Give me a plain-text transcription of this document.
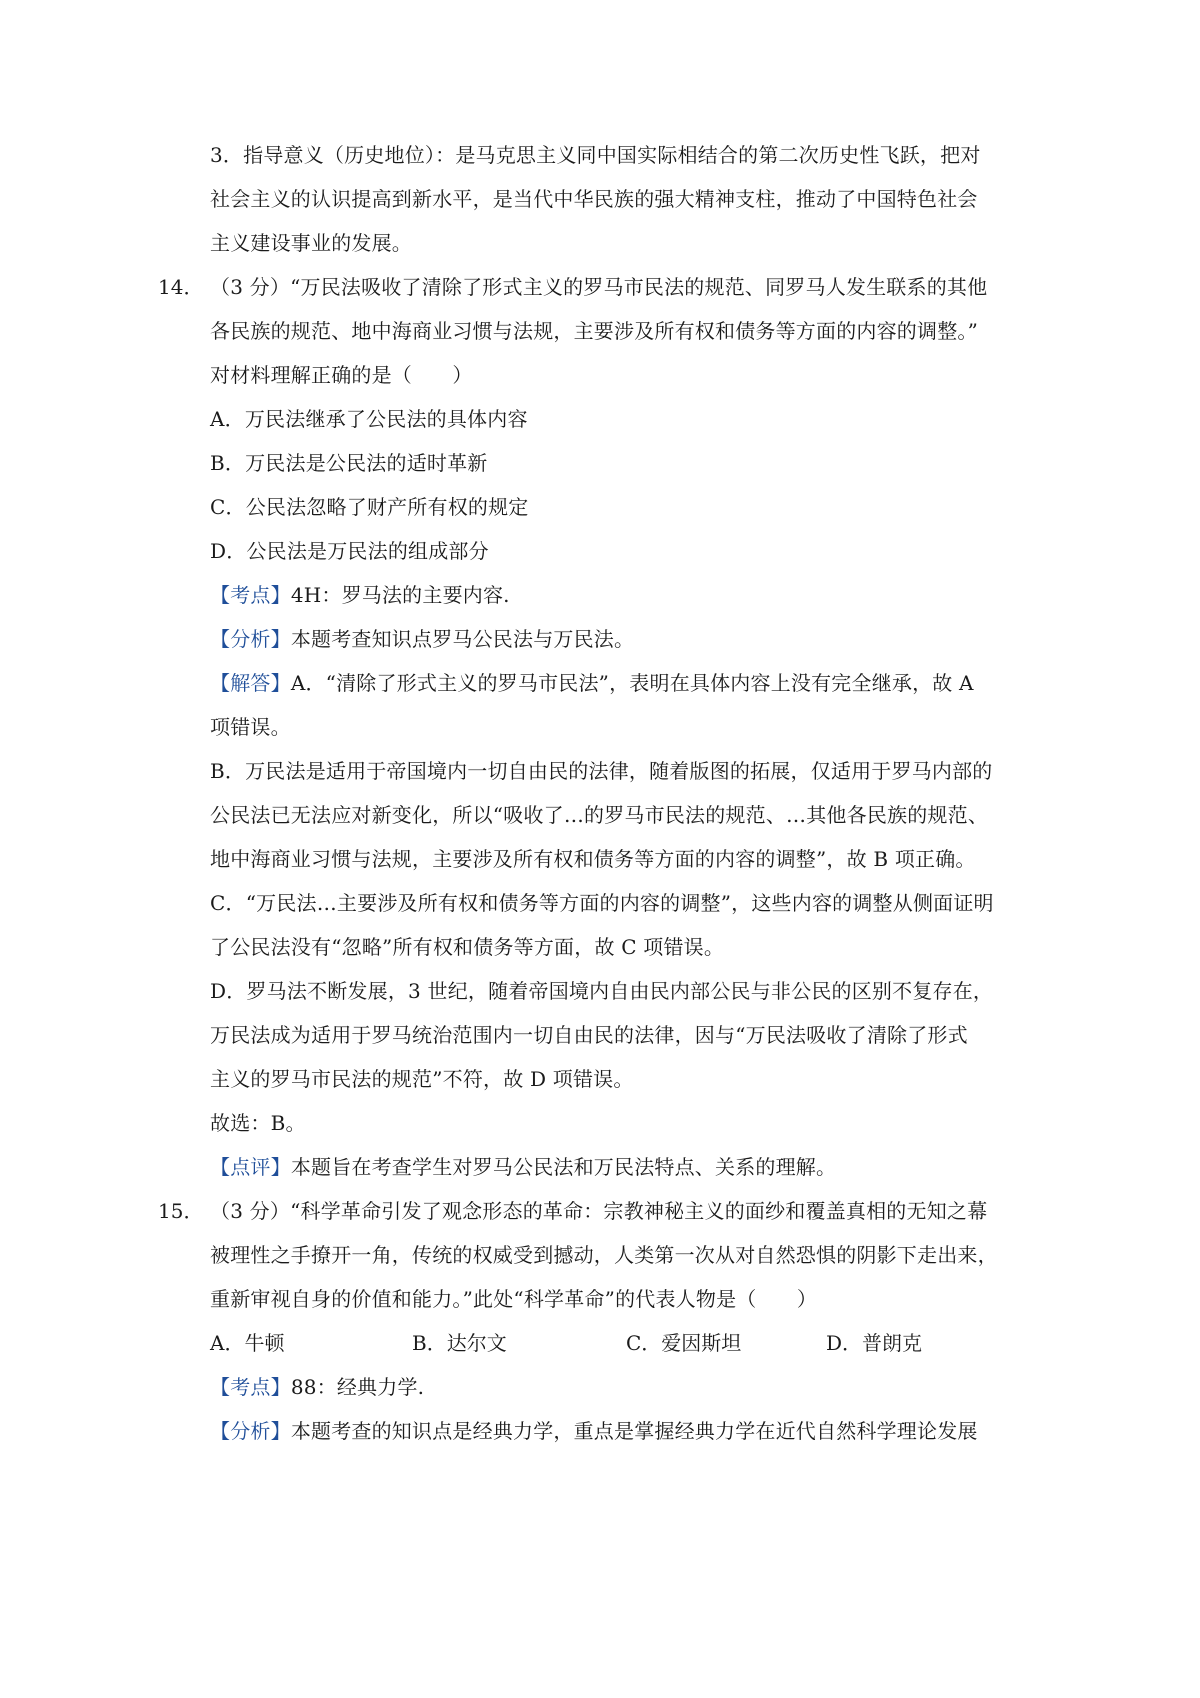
3．指导意义（历史地位）：是马克思主义同中国实际相结合的第二次历史性飞跃，把对
社会主义的认识提高到新水平，是当代中华民族的强大精神支柱，推动了中国特色社会
主义建设事业的发展。
14． （3 分）“万民法吸收了清除了形式主义的罗马市民法的规范、同罗马人发生联系的其他
各民族的规范、地中海商业习惯与法规，主要涉及所有权和债务等方面的内容的调整。”
对材料理解正确的是（　　）
A．万民法继承了公民法的具体内容
B．万民法是公民法的适时革新
C．公民法忽略了财产所有权的规定
D．公民法是万民法的组成部分
【考点】4H：罗马法的主要内容.
【分析】本题考查知识点罗马公民法与万民法。
【解答】A．“清除了形式主义的罗马市民法”，表明在具体内容上没有完全继承，故 A
项错误。
B．万民法是适用于帝国境内一切自由民的法律，随着版图的拓展，仅适用于罗马内部的
公民法已无法应对新变化，所以“吸收了…的罗马市民法的规范、…其他各民族的规范、
地中海商业习惯与法规，主要涉及所有权和债务等方面的内容的调整”，故 B 项正确。
C．“万民法…主要涉及所有权和债务等方面的内容的调整”，这些内容的调整从侧面证明
了公民法没有“忽略”所有权和债务等方面，故 C 项错误。
D．罗马法不断发展，3 世纪，随着帝国境内自由民内部公民与非公民的区别不复存在，
万民法成为适用于罗马统治范围内一切自由民的法律，因与“万民法吸收了清除了形式
主义的罗马市民法的规范”不符，故 D 项错误。
故选：B。
【点评】本题旨在考查学生对罗马公民法和万民法特点、关系的理解。
15． （3 分）“科学革命引发了观念形态的革命：宗教神秘主义的面纱和覆盖真相的无知之幕
被理性之手撩开一角，传统的权威受到撼动，人类第一次从对自然恐惧的阴影下走出来，
重新审视自身的价值和能力。”此处“科学革命”的代表人物是（　　）
A．牛顿	B．达尔文	C．爱因斯坦	D．普朗克
【考点】88：经典力学.
【分析】本题考查的知识点是经典力学，重点是掌握经典力学在近代自然科学理论发展
